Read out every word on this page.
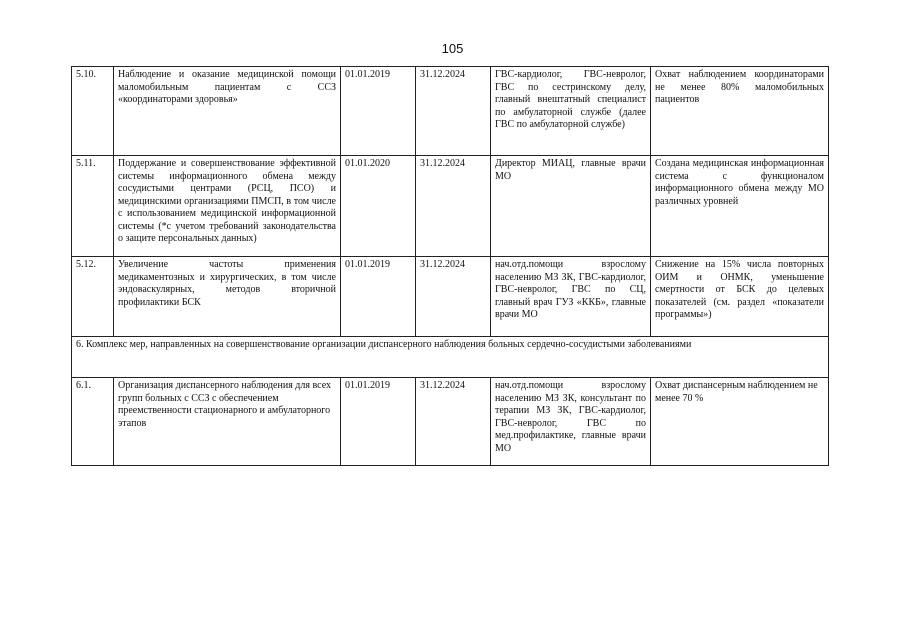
105
5.10.	Наблюдение и оказание медицинской помощи маломобильным пациентам с ССЗ «координаторами здоровья»	01.01.2019	31.12.2024	ГВС-кардиолог, ГВС-невролог, ГВС по сестринскому делу, главный внештатный специалист по амбулаторной службе (далее ГВС по амбулаторной службе)	Охват наблюдением координаторами не менее 80% маломобильных пациентов
5.11.	Поддержание и совершенствование эффективной системы информационного обмена между сосудистыми центрами (РСЦ, ПСО) и медицинскими организациями ПМСП, в том числе с использованием медицинской информационной системы (*с учетом требований законодательства о защите персональных данных)	01.01.2020	31.12.2024	Директор МИАЦ, главные врачи МО	Создана медицинская информационная система с функционалом информационного обмена между МО различных уровней
5.12.	Увеличение частоты применения медикаментозных и хирургических, в том числе эндоваскулярных, методов вторичной профилактики БСК	01.01.2019	31.12.2024	нач.отд.помощи взрослому населению МЗ ЗК, ГВС-кардиолог, ГВС-невролог, ГВС по СЦ, главный врач ГУЗ «ККБ», главные врачи МО	Снижение на 15% числа повторных ОИМ и ОНМК, уменьшение смертности от БСК до целевых показателей (см. раздел «показатели программы»)
6. Комплекс мер, направленных на совершенствование организации диспансерного наблюдения больных сердечно-сосудистыми заболеваниями					
6.1.	Организация диспансерного наблюдения для всех групп больных с ССЗ с обеспечением преемственности стационарного и амбулаторного этапов	01.01.2019	31.12.2024	нач.отд.помощи взрослому населению МЗ ЗК, консультант по терапии МЗ ЗК, ГВС-кардиолог, ГВС-невролог, ГВС по мед.профилактике, главные врачи МО	Охват диспансерным наблюдением не менее 70 %
